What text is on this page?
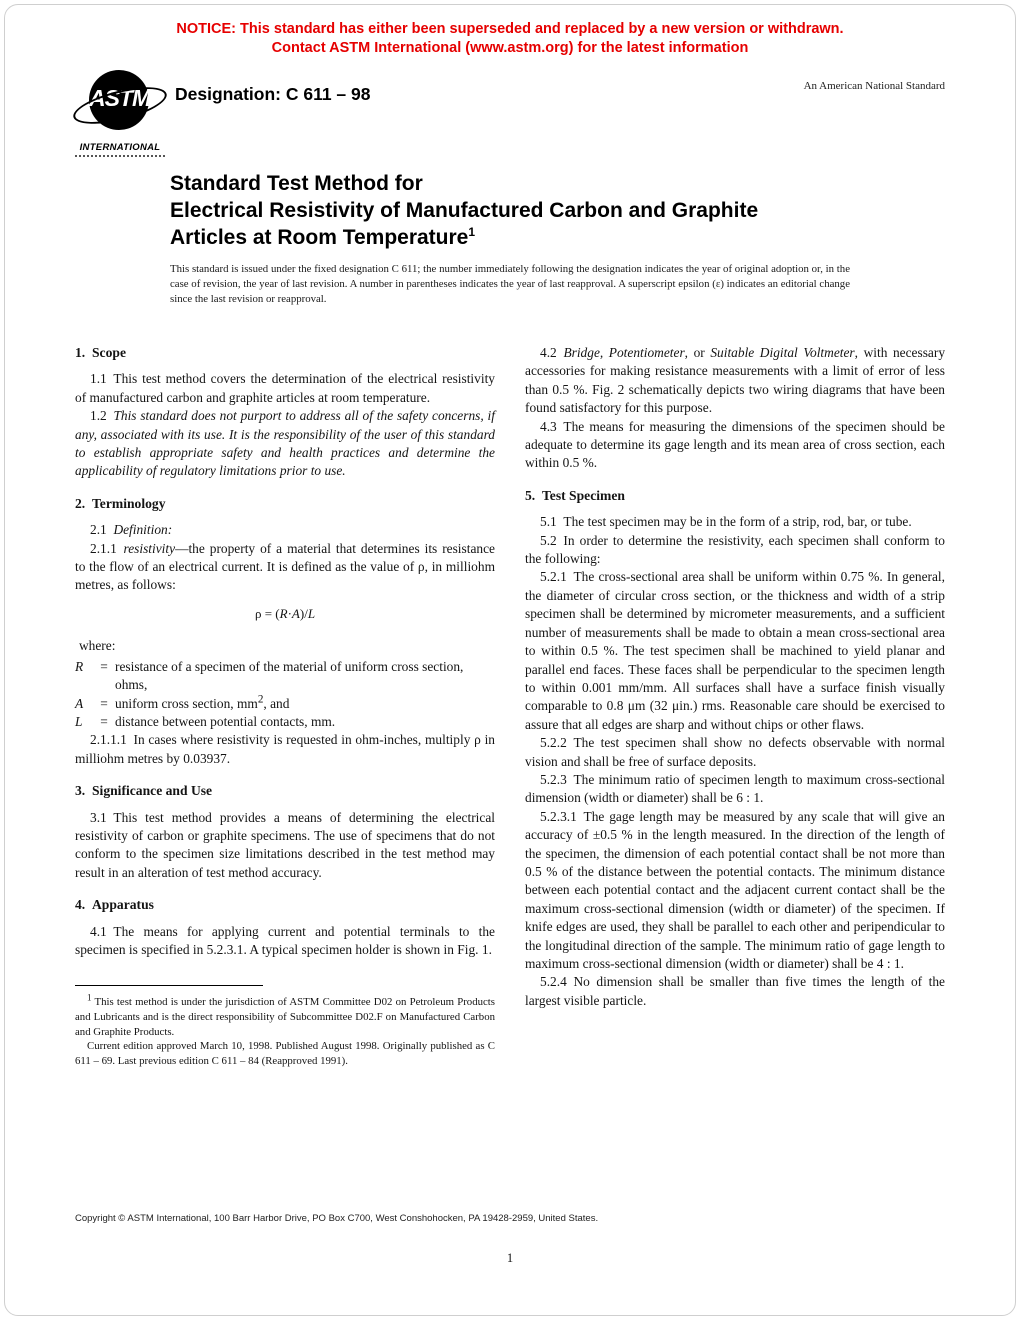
NOTICE: This standard has either been superseded and replaced by a new version or withdrawn.
Contact ASTM International (www.astm.org) for the latest information
ASTM
INTERNATIONAL
Designation: C 611 – 98	An American National Standard
Standard Test Method for
Electrical Resistivity of Manufactured Carbon and Graphite
Articles at Room Temperature$^1$
This standard is issued under the fixed designation C 611; the number immediately following the designation indicates the year of original adoption or, in the case of revision, the year of last revision. A number in parentheses indicates the year of last reapproval. A superscript epsilon (ε) indicates an editorial change since the last revision or reapproval.
1. Scope

1.1 This test method covers the determination of the electrical resistivity of manufactured carbon and graphite articles at room temperature.

1.2 This standard does not purport to address all of the safety concerns, if any, associated with its use. It is the responsibility of the user of this standard to establish appropriate safety and health practices and determine the applicability of regulatory limitations prior to use.

2. Terminology

2.1 Definition:

2.1.1 resistivity—the property of a material that determines its resistance to the flow of an electrical current. It is defined as the value of ρ, in milliohm metres, as follows:

ρ = (R·A)/L

where:

R	= resistance of a specimen of the material of uniform cross section, ohms,
A	= uniform cross section, $mm^2$, and
L	= distance between potential contacts, mm.

2.1.1.1 In cases where resistivity is requested in ohm-inches, multiply ρ in milliohm metres by 0.03937.

3. Significance and Use

3.1 This test method provides a means of determining the electrical resistivity of carbon or graphite specimens. The use of specimens that do not conform to the specimen size limitations described in the test method may result in an alteration of test method accuracy.

4. Apparatus

4.1 The means for applying current and potential terminals to the specimen is specified in 5.2.3.1. A typical specimen holder is shown in Fig. 1.

$^1$ This test method is under the jurisdiction of ASTM Committee D02 on Petroleum Products and Lubricants and is the direct responsibility of Subcommittee D02.F on Manufactured Carbon and Graphite Products.

Current edition approved March 10, 1998. Published August 1998. Originally published as C 611 – 69. Last previous edition C 611 – 84 (Reapproved 1991).

4.2 Bridge, Potentiometer, or Suitable Digital Voltmeter, with necessary accessories for making resistance measurements with a limit of error of less than 0.5 %. Fig. 2 schematically depicts two wiring diagrams that have been found satisfactory for this purpose.

4.3 The means for measuring the dimensions of the specimen should be adequate to determine its gage length and its mean area of cross section, each within 0.5 %.

5. Test Specimen

5.1 The test specimen may be in the form of a strip, rod, bar, or tube.

5.2 In order to determine the resistivity, each specimen shall conform to the following:

5.2.1 The cross-sectional area shall be uniform within 0.75 %. In general, the diameter of circular cross section, or the thickness and width of a strip specimen shall be determined by micrometer measurements, and a sufficient number of measurements shall be made to obtain a mean cross-sectional area to within 0.5 %. The test specimen shall be machined to yield planar and parallel end faces. These faces shall be perpendicular to the specimen length to within 0.001 mm/mm. All surfaces shall have a surface finish visually comparable to 0.8 μm (32 μin.) rms. Reasonable care should be exercised to assure that all edges are sharp and without chips or other flaws.

5.2.2 The test specimen shall show no defects observable with normal vision and shall be free of surface deposits.

5.2.3 The minimum ratio of specimen length to maximum cross-sectional dimension (width or diameter) shall be 6 : 1.

5.2.3.1 The gage length may be measured by any scale that will give an accuracy of ±0.5 % in the length measured. In the direction of the length of the specimen, the dimension of each potential contact shall be not more than 0.5 % of the distance between the potential contacts. The minimum distance between each potential contact and the adjacent current contact shall be the maximum cross-sectional dimension (width or diameter) of the specimen. If knife edges are used, they shall be parallel to each other and peripendicular to the longitudinal direction of the sample. The minimum ratio of gage length to maximum cross-sectional dimension (width or diameter) shall be 4 : 1.

5.2.4 No dimension shall be smaller than five times the length of the largest visible particle.

Copyright © ASTM International, 100 Barr Harbor Drive, PO Box C700, West Conshohocken, PA 19428-2959, United States.
1
